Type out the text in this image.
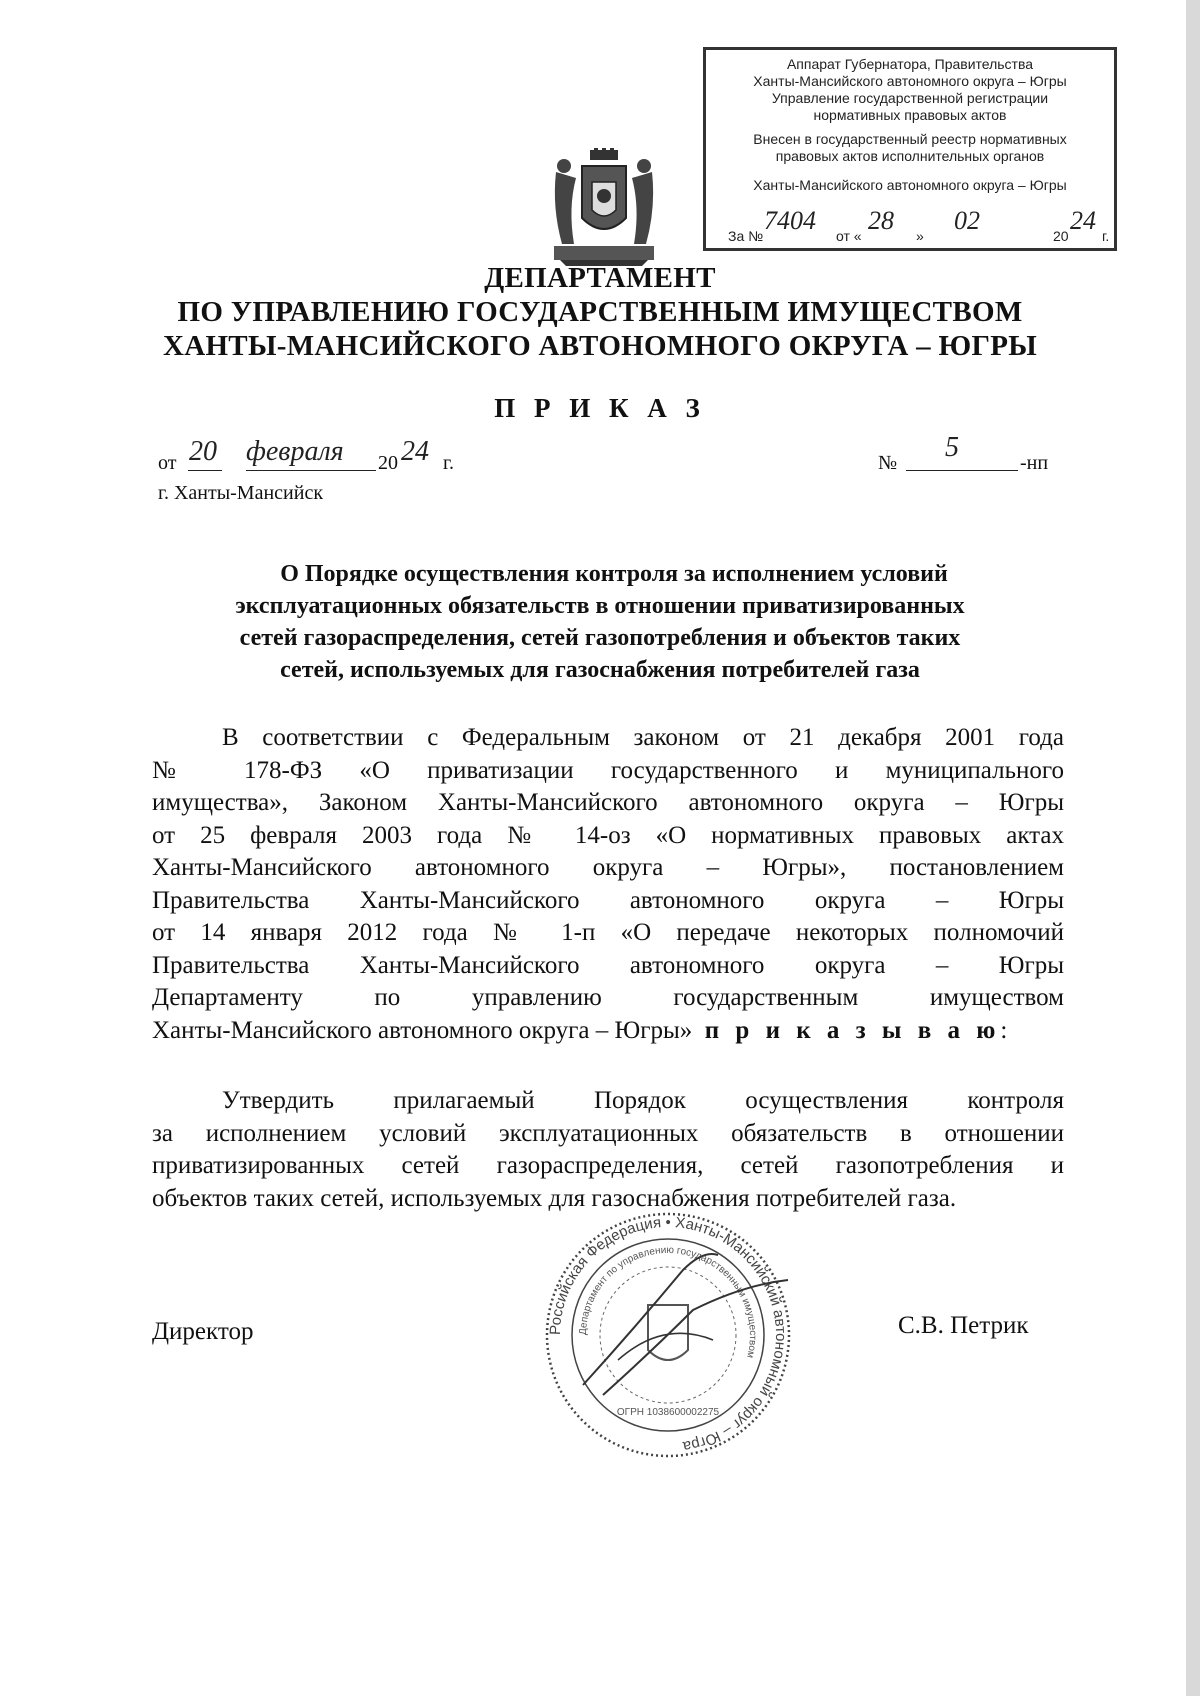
Аппарат Губернатора, Правительства
Ханты-Мансийского автономного округа – Югры
Управление государственной регистрации
нормативных правовых актов
Внесен в государственный реестр нормативных
правовых актов исполнительных органов
Ханты-Мансийского автономного округа – Югры
За №
7404
от «
28
»
02
20
24
г.
ДЕПАРТАМЕНТ
ПО УПРАВЛЕНИЮ ГОСУДАРСТВЕННЫМ ИМУЩЕСТВОМ
ХАНТЫ-МАНСИЙСКОГО АВТОНОМНОГО ОКРУГА – ЮГРЫ
П Р И К А З
от 20 февраля 20 24 г.
г. Ханты-Мансийск
№ 5	-нп
О Порядке осуществления контроля за исполнением условий
эксплуатационных обязательств в отношении приватизированных
сетей газораспределения, сетей газопотребления и объектов таких
сетей, используемых для газоснабжения потребителей газа
В соответствии с Федеральным законом от 21 декабря 2001 года
№ 178-ФЗ «О приватизации государственного и муниципального
имущества», Законом Ханты-Мансийского автономного округа – Югры
от 25 февраля 2003 года № 14-оз «О нормативных правовых актах
Ханты-Мансийского автономного округа – Югры», постановлением
Правительства Ханты-Мансийского автономного округа – Югры
от 14 января 2012 года № 1-п «О передаче некоторых полномочий
Правительства Ханты-Мансийского автономного округа – Югры
Департаменту по управлению государственным имуществом
Ханты-Мансийского автономного округа – Югры» п р и к а з ы в а ю:
Утвердить прилагаемый Порядок осуществления контроля
за исполнением условий эксплуатационных обязательств в отношении
приватизированных сетей газораспределения, сетей газопотребления и
объектов таких сетей, используемых для газоснабжения потребителей газа.
Российская Федерация • Ханты-Мансийский автономный округ – Югра
Департамент по управлению государственным имуществом
ОГРН 1038600002275
Директор	С.В. Петрик
